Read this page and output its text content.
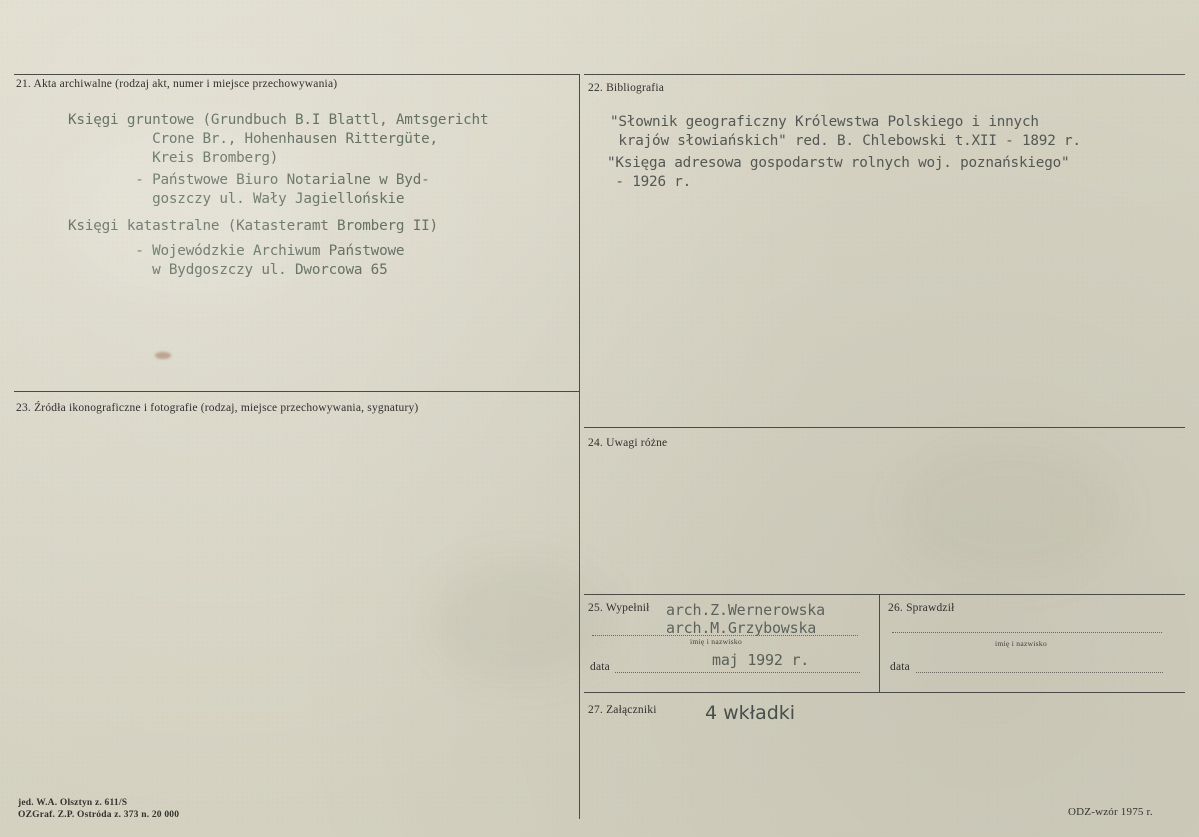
21. Akta archiwalne (rodzaj akt, numer i miejsce przechowywania)
Księgi gruntowe (Grundbuch B.I Blattl, Amtsgericht
Crone Br., Hohenhausen Rittergüte,
Kreis Bromberg)
- Państwowe Biuro Notarialne w Byd-
goszczy ul. Wały Jagiellońskie
Księgi katastralne (Katasteramt Bromberg II)
- Wojewódzkie Archiwum Państwowe
w Bydgoszczy ul. Dworcowa 65
22. Bibliografia
"Słownik geograficzny Królewstwa Polskiego i innych
krajów słowiańskich" red. B. Chlebowski t.XII - 1892 r.
"Księga adresowa gospodarstw rolnych woj. poznańskiego"
- 1926 r.
23. Źródła ikonograficzne i fotografie (rodzaj, miejsce przechowywania, sygnatury)
24. Uwagi różne
25. Wypełnił arch.Z.Wernerowska
arch.M.Grzybowska
imię i nazwisko
data	maj 1992 r.
26. Sprawdził
imię i nazwisko
data
27. Załączniki	4 wkładki
jed. W.A. Olsztyn z. 611/S
OZGraf. Z.P. Ostróda z. 373 n. 20 000	ODZ-wzór 1975 r.
